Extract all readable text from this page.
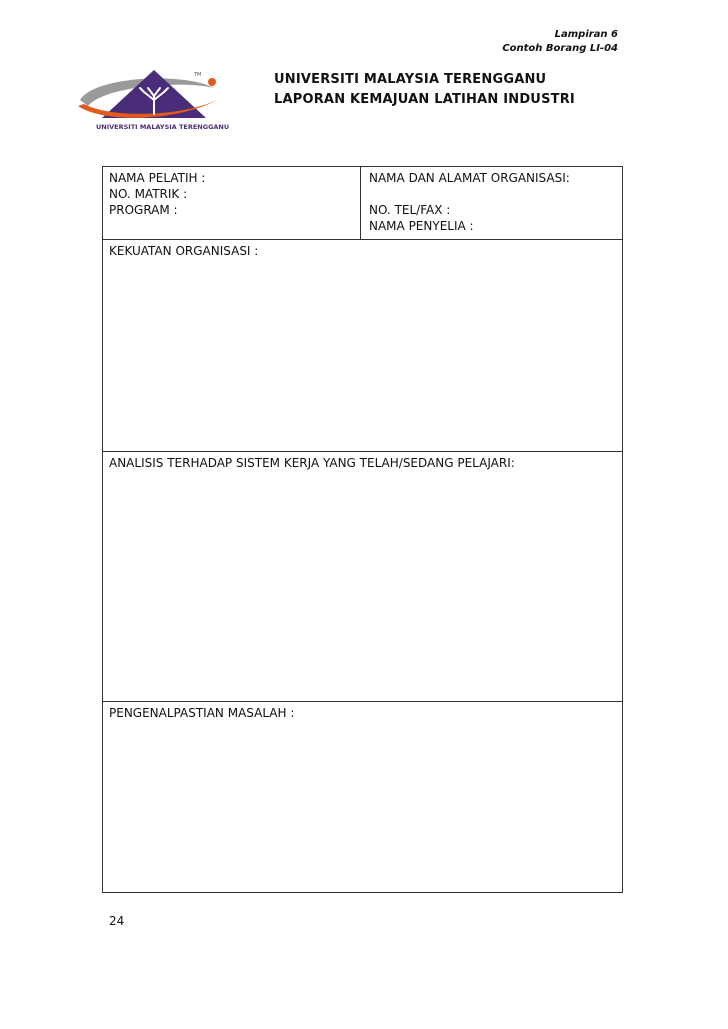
Lampiran 6
Contoh Borang LI-04
TM
UNIVERSITI MALAYSIA TERENGGANU
UNIVERSITI MALAYSIA TERENGGANU
LAPORAN KEMAJUAN LATIHAN INDUSTRI
NAMA PELATIH :
NO. MATRIK :
PROGRAM :
NAMA DAN ALAMAT ORGANISASI:
NO. TEL/FAX :
NAMA PENYELIA :
KEKUATAN ORGANISASI :
ANALISIS TERHADAP SISTEM KERJA YANG TELAH/SEDANG PELAJARI:
PENGENALPASTIAN MASALAH :
24
